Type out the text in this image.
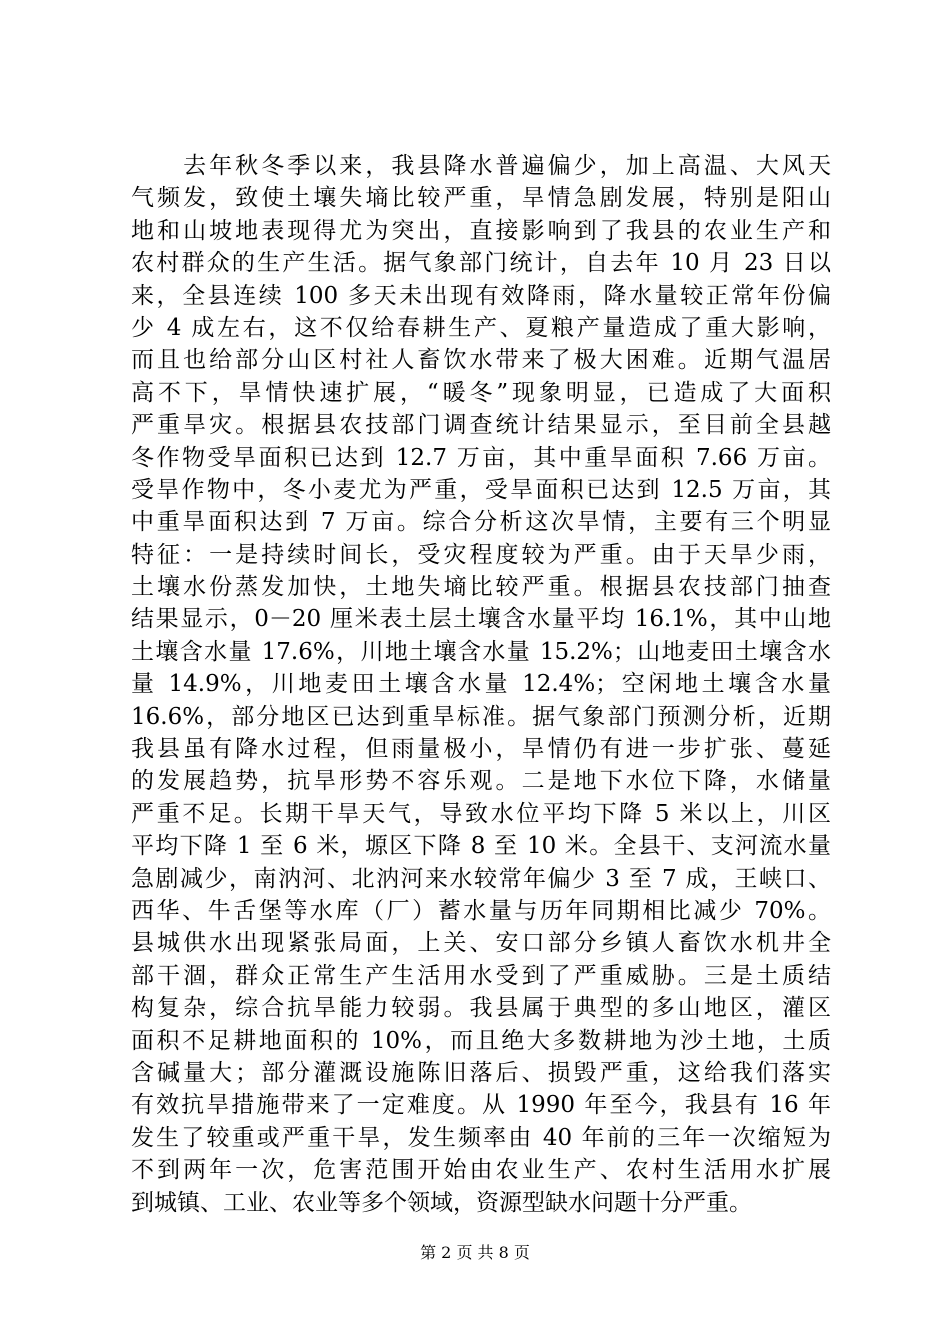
　　去年秋冬季以来，我县降水普遍偏少，加上高温、大风天
气频发，致使土壤失墒比较严重，旱情急剧发展，特别是阳山
地和山坡地表现得尤为突出，直接影响到了我县的农业生产和
农村群众的生产生活。据气象部门统计，自去年 10 月 23 日以
来，全县连续 100 多天未出现有效降雨，降水量较正常年份偏
少 4 成左右，这不仅给春耕生产、夏粮产量造成了重大影响，
而且也给部分山区村社人畜饮水带来了极大困难。近期气温居
高不下，旱情快速扩展，“暖冬”现象明显，已造成了大面积
严重旱灾。根据县农技部门调查统计结果显示，至目前全县越
冬作物受旱面积已达到 12.7 万亩，其中重旱面积 7.66 万亩。
受旱作物中，冬小麦尤为严重，受旱面积已达到 12.5 万亩，其
中重旱面积达到 7 万亩。综合分析这次旱情，主要有三个明显
特征：一是持续时间长，受灾程度较为严重。由于天旱少雨，
土壤水份蒸发加快，土地失墒比较严重。根据县农技部门抽查
结果显示，0－20 厘米表土层土壤含水量平均 16.1%，其中山地
土壤含水量 17.6%，川地土壤含水量 15.2%；山地麦田土壤含水
量 14.9%，川地麦田土壤含水量 12.4%；空闲地土壤含水量
16.6%，部分地区已达到重旱标准。据气象部门预测分析，近期
我县虽有降水过程，但雨量极小，旱情仍有进一步扩张、蔓延
的发展趋势，抗旱形势不容乐观。二是地下水位下降，水储量
严重不足。长期干旱天气，导致水位平均下降 5 米以上，川区
平均下降 1 至 6 米，塬区下降 8 至 10 米。全县干、支河流水量
急剧减少，南汭河、北汭河来水较常年偏少 3 至 7 成，王峡口、
西华、牛舌堡等水库（厂）蓄水量与历年同期相比减少 70%。
县城供水出现紧张局面，上关、安口部分乡镇人畜饮水机井全
部干涸，群众正常生产生活用水受到了严重威胁。三是土质结
构复杂，综合抗旱能力较弱。我县属于典型的多山地区，灌区
面积不足耕地面积的 10%，而且绝大多数耕地为沙土地，土质
含碱量大；部分灌溉设施陈旧落后、损毁严重，这给我们落实
有效抗旱措施带来了一定难度。从 1990 年至今，我县有 16 年
发生了较重或严重干旱，发生频率由 40 年前的三年一次缩短为
不到两年一次，危害范围开始由农业生产、农村生活用水扩展
到城镇、工业、农业等多个领域，资源型缺水问题十分严重。
第 2 页 共 8 页
